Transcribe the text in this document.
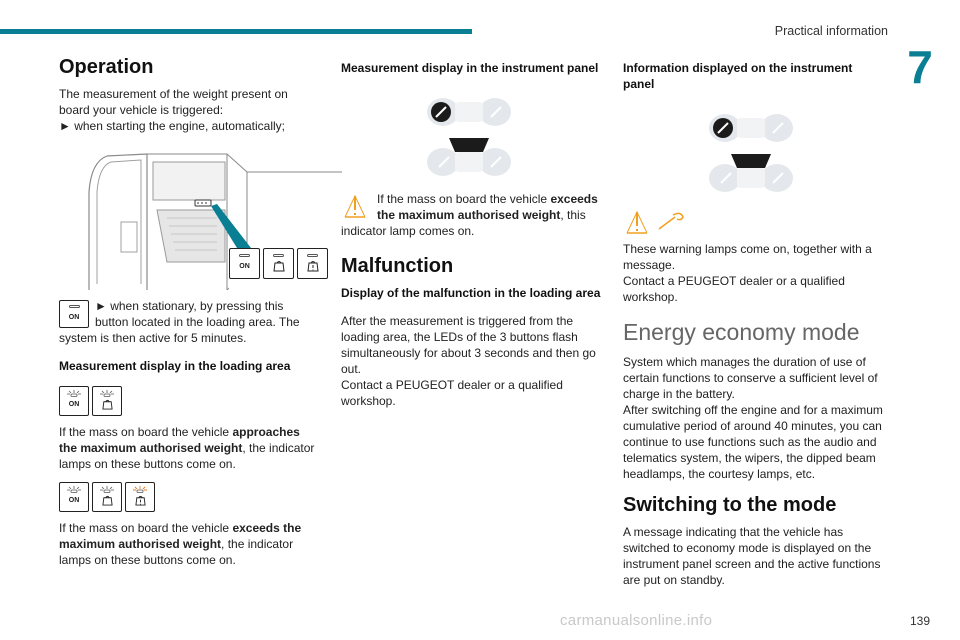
Practical information
7
Operation

The measurement of the weight present on board your vehicle is triggered:

► when starting the engine, automatically;

ON
ON

► when stationary, by pressing this button located in the loading area. The system is then active for 5 minutes.

Measurement display in the loading area
ON

If the mass on board the vehicle approaches the maximum authorised weight, the indicator lamps on these buttons come on.

ON

If the mass on board the vehicle exceeds the maximum authorised weight, the indicator lamps on these buttons come on.

Measurement display in the instrument panel

If the mass on board the vehicle exceeds the maximum authorised weight, this indicator lamp comes on.

Malfunction
Display of the malfunction in the loading area

After the measurement is triggered from the loading area, the LEDs of the 3 buttons flash simultaneously for about 3 seconds and then go out.

Contact a PEUGEOT dealer or a qualified workshop.

Information displayed on the instrument panel

These warning lamps come on, together with a message.

Contact a PEUGEOT dealer or a qualified workshop.

Energy economy mode

System which manages the duration of use of certain functions to conserve a sufficient level of charge in the battery.

After switching off the engine and for a maximum cumulative period of around 40 minutes, you can continue to use functions such as the audio and telematics system, the wipers, the dipped beam headlamps, the courtesy lamps, etc.

Switching to the mode

A message indicating that the vehicle has switched to economy mode is displayed on the instrument panel screen and the active functions are put on standby.

carmanualsonline.info	139
